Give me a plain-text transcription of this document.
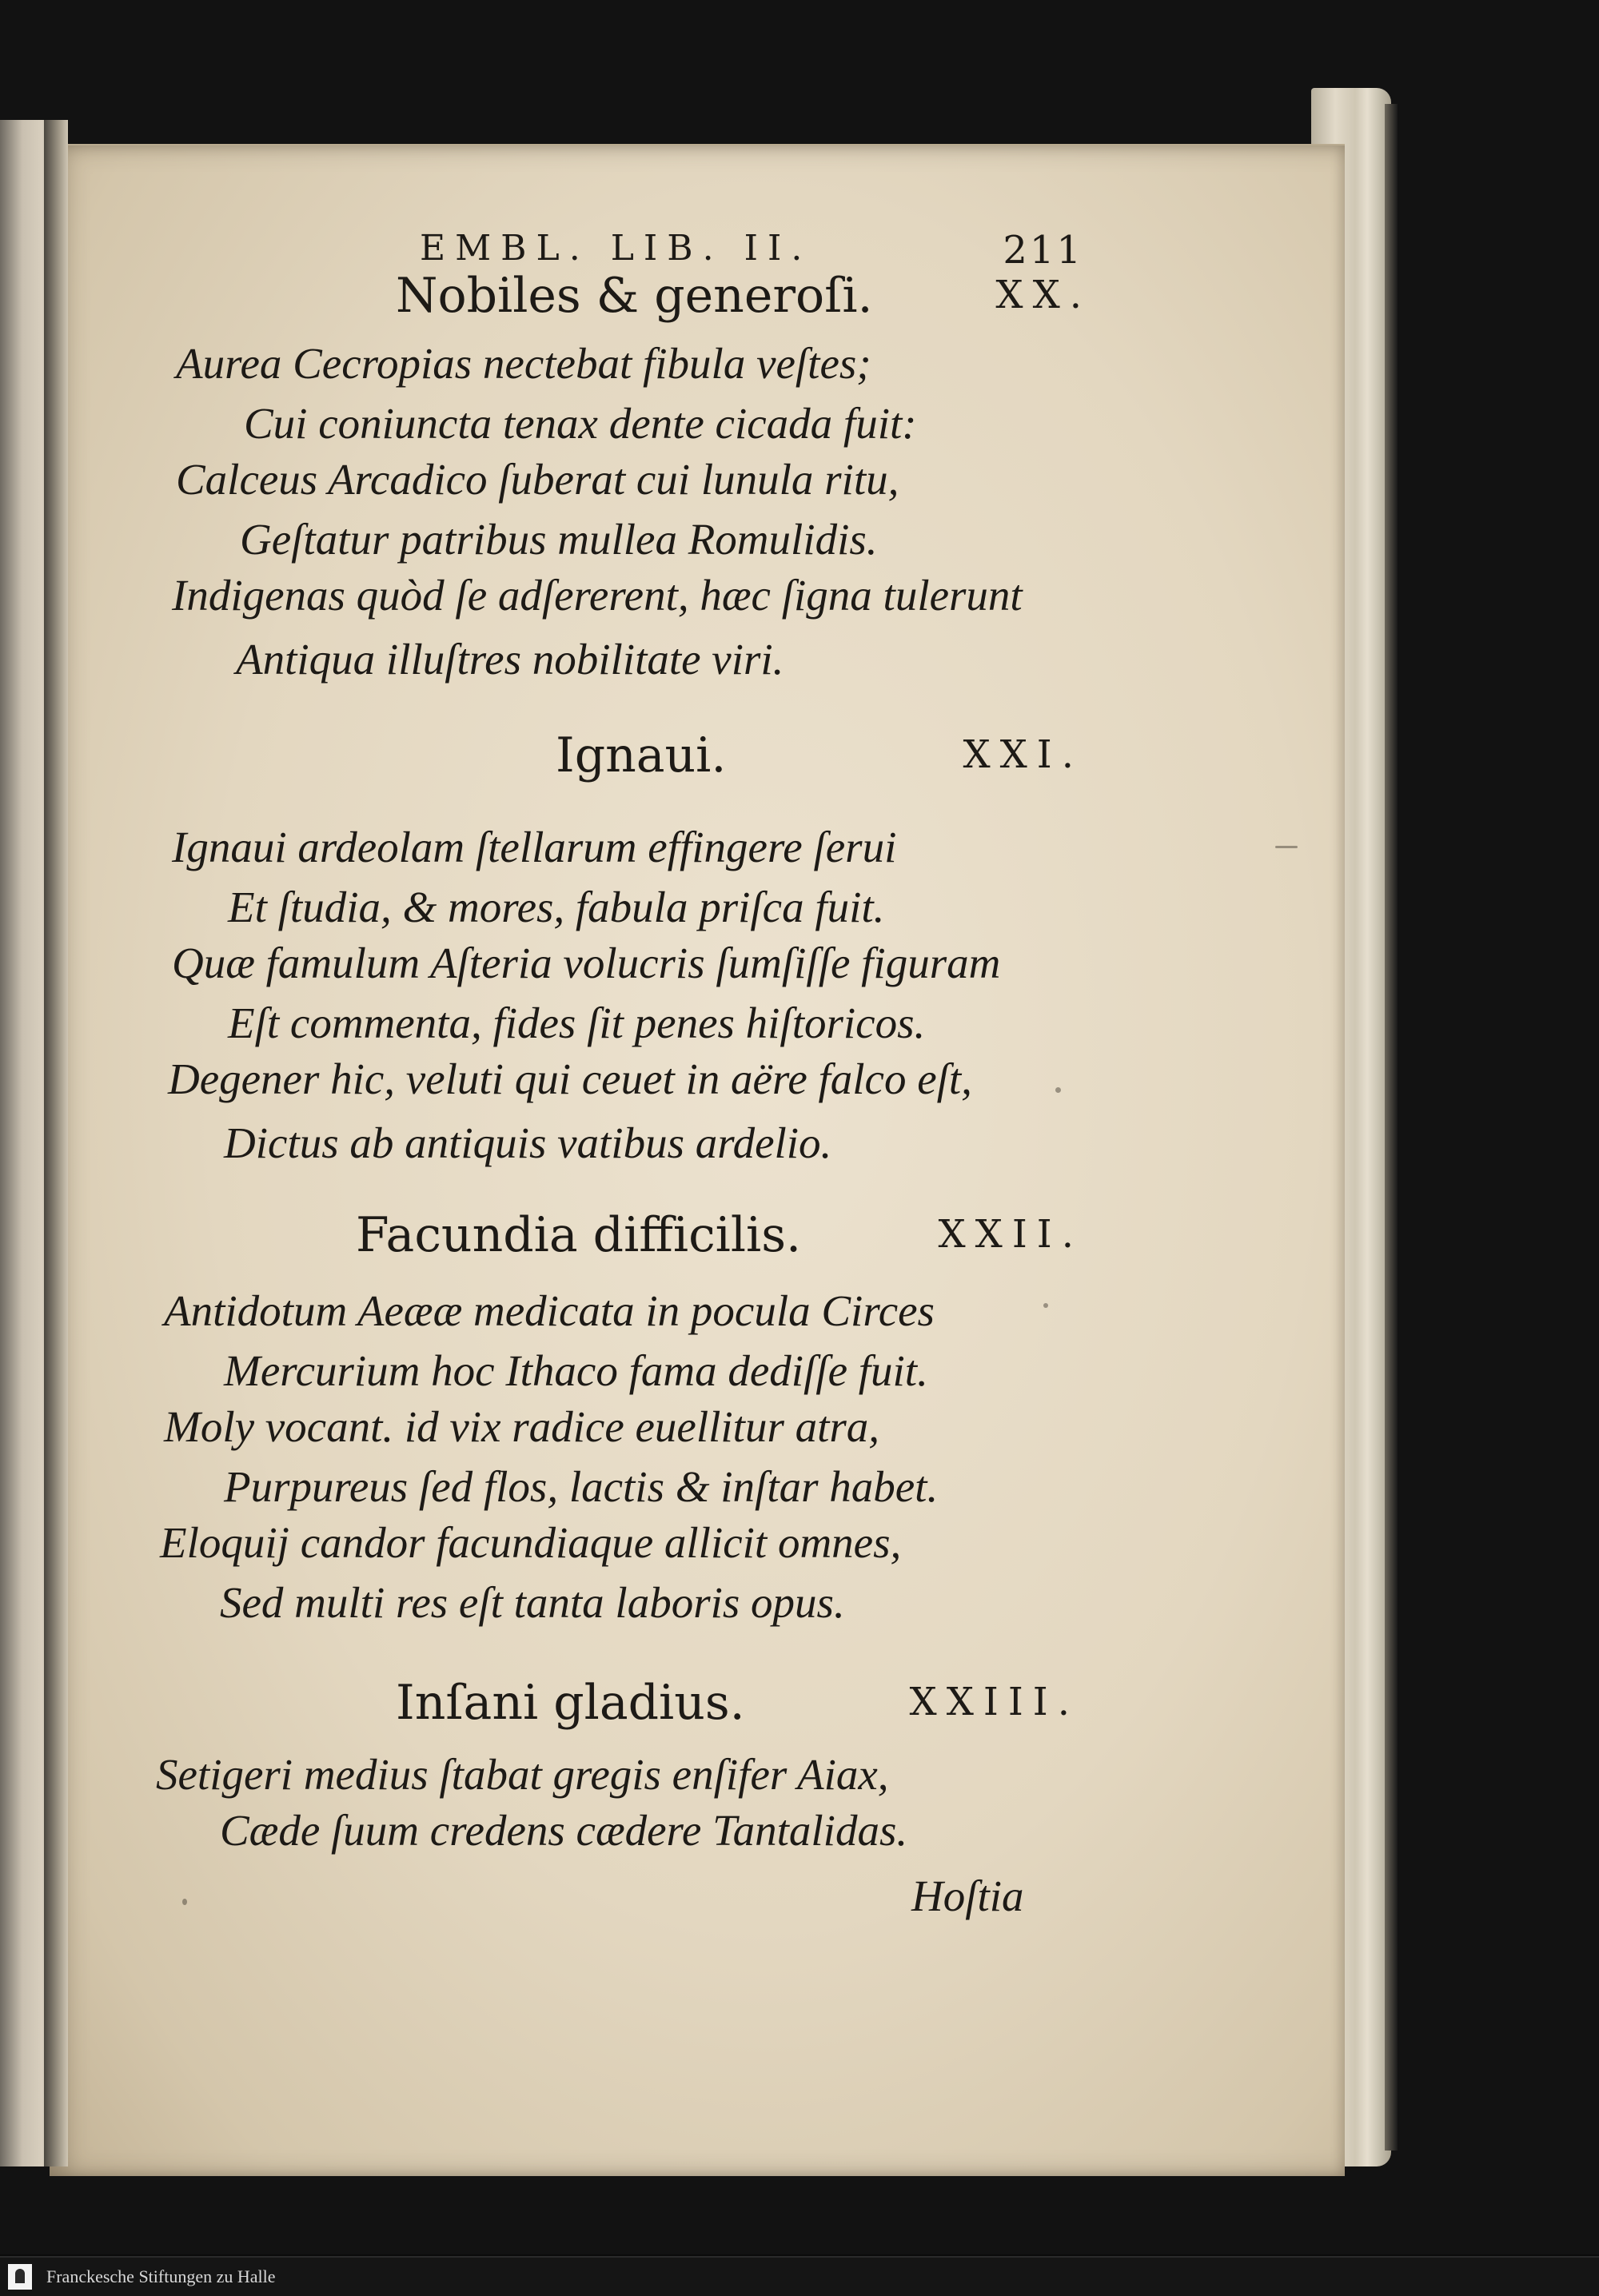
EMBL. LIB. II.	211
Nobiles & generoſi.	XX.
Aurea Cecropias nectebat fibula veſtes;
Cui coniuncta tenax dente cicada fuit:
Calceus Arcadico ſuberat cui lunula ritu,
Geſtatur patribus mullea Romulidis.
Indigenas quòd ſe adſererent, hæc ſigna tulerunt
Antiqua illuſtres nobilitate viri.
Ignaui.	XXI.
Ignaui ardeolam ſtellarum effingere ſerui
Et ſtudia, & mores, fabula priſca fuit.
Quæ famulum Aſteria volucris ſumſiſſe figuram
Eſt commenta, fides ſit penes hiſtoricos.
Degener hic, veluti qui ceuet in aëre falco eſt,
Dictus ab antiquis vatibus ardelio.
Facundia difficilis.	XXII.
Antidotum Aeææ medicata in pocula Circes
Mercurium hoc Ithaco fama dediſſe fuit.
Moly vocant. id vix radice euellitur atra,
Purpureus ſed flos, lactis & inſtar habet.
Eloquij candor facundiaque allicit omnes,
Sed multi res eſt tanta laboris opus.
Inſani gladius.	XXIII.
Setigeri medius ſtabat gregis enſifer Aiax,
Cæde ſuum credens cædere Tantalidas.
Hoſtia
Franckesche Stiftungen zu Halle
